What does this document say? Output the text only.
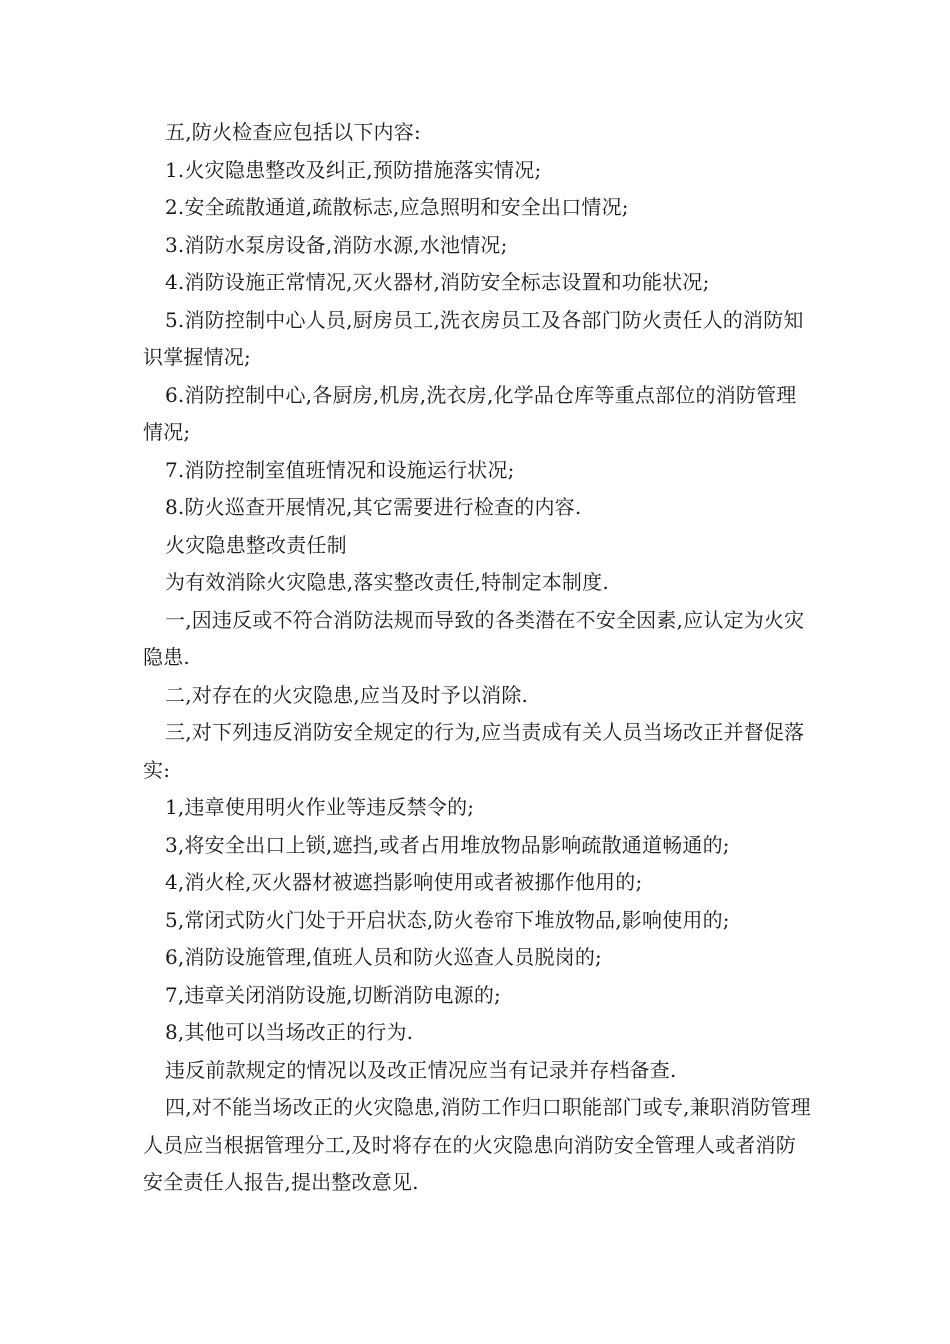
五,防火检查应包括以下内容:

1.火灾隐患整改及纠正,预防措施落实情况;

2.安全疏散通道,疏散标志,应急照明和安全出口情况;

3.消防水泵房设备,消防水源,水池情况;

4.消防设施正常情况,灭火器材,消防安全标志设置和功能状况;

5.消防控制中心人员,厨房员工,洗衣房员工及各部门防火责任人的消防知识掌握情况;

6.消防控制中心,各厨房,机房,洗衣房,化学品仓库等重点部位的消防管理情况;

7.消防控制室值班情况和设施运行状况;

8.防火巡查开展情况,其它需要进行检查的内容.

火灾隐患整改责任制

为有效消除火灾隐患,落实整改责任,特制定本制度.

一,因违反或不符合消防法规而导致的各类潜在不安全因素,应认定为火灾隐患.

二,对存在的火灾隐患,应当及时予以消除.

三,对下列违反消防安全规定的行为,应当责成有关人员当场改正并督促落实:

1,违章使用明火作业等违反禁令的;

3,将安全出口上锁,遮挡,或者占用堆放物品影响疏散通道畅通的;

4,消火栓,灭火器材被遮挡影响使用或者被挪作他用的;

5,常闭式防火门处于开启状态,防火卷帘下堆放物品,影响使用的;

6,消防设施管理,值班人员和防火巡查人员脱岗的;

7,违章关闭消防设施,切断消防电源的;

8,其他可以当场改正的行为.

违反前款规定的情况以及改正情况应当有记录并存档备查.

四,对不能当场改正的火灾隐患,消防工作归口职能部门或专,兼职消防管理人员应当根据管理分工,及时将存在的火灾隐患向消防安全管理人或者消防安全责任人报告,提出整改意见.
